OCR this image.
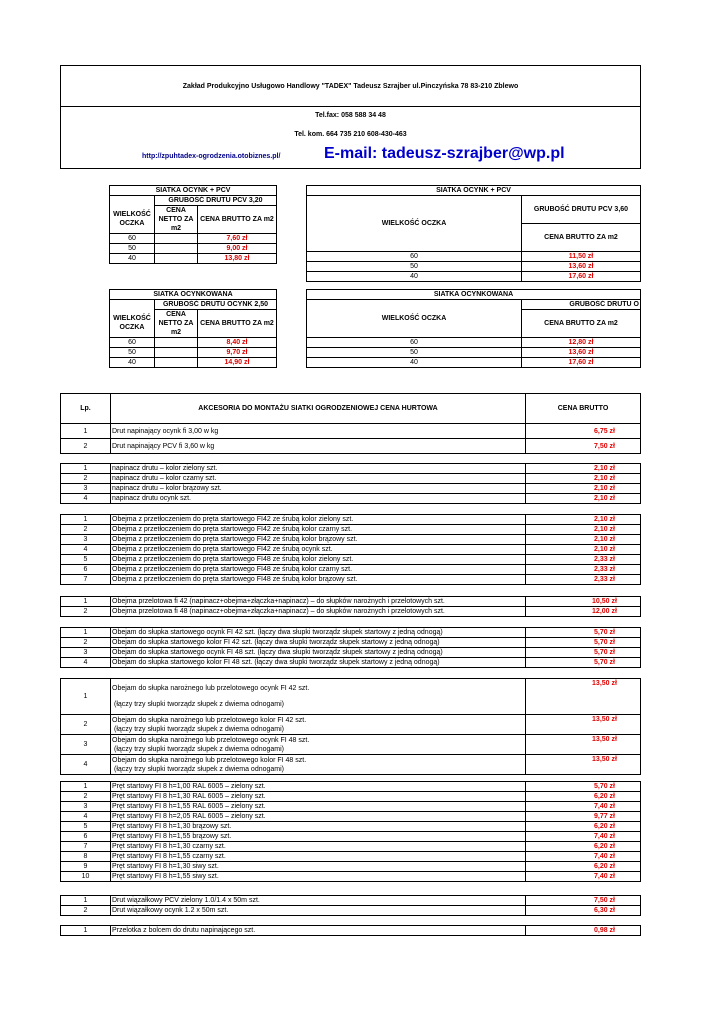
Zakład Produkcyjno Usługowo Handlowy "TADEX" Tadeusz Szrajber ul.Pinczyńska 78 83-210 Zblewo
Tel.fax: 058 588 34 48
Tel. kom. 664 735 210 608-430-463
http://zpuhtadex-ogrodzenia.otobiznes.pl/	E-mail: tadeusz-szrajber@wp.pl
SIATKA OCYNK + PCV		
	GRUBOŚĆ DRUTU PCV 3,20	
WIELKOŚĆ OCZKA	CENA NETTO ZA m2	CENA BRUTTO ZA m2
60		7,60 zł
50		9,00 zł
40		13,80 zł
SIATKA OCYNK + PCV	
WIELKOŚĆ OCZKA	GRUBOŚĆ DRUTU PCV 3,60
	CENA BRUTTO ZA m2
60	11,50 zł
50	13,60 zł
40	17,60 zł
SIATKA OCYNKOWANA		
	GRUBOŚĆ DRUTU OCYNK 2,50	
WIELKOŚĆ OCZKA	CENA NETTO ZA m2	CENA BRUTTO ZA m2
60		8,40 zł
50		9,70 zł
40		14,90 zł
SIATKA OCYNKOWANA	
WIELKOŚĆ OCZKA	GRUBOŚĆ DRUTU O
	CENA BRUTTO ZA m2
60	12,80 zł
50	13,60 zł
40	17,60 zł
Lp.	AKCESORIA DO MONTAŻU SIATKI OGRODZENIOWEJ CENA HURTOWA	CENA BRUTTO
1	Drut napinający ocynk fi 3,00 w kg	6,75 zł
2	Drut napinający PCV fi 3,60 w kg	7,50 zł
1	napinacz drutu – kolor zielony szt.	2,10 zł
2	napinacz drutu – kolor czarny szt.	2,10 zł
3	napinacz drutu – kolor brązowy szt.	2,10 zł
4	napinacz drutu ocynk szt.	2,10 zł
1	Obejma z przetłoczeniem do pręta startowego FI42 ze śrubą kolor zielony szt.	2,10 zł
2	Obejma z przetłoczeniem do pręta startowego FI42 ze śrubą kolor czarny szt.	2,10 zł
3	Obejma z przetłoczeniem do pręta startowego FI42 ze śrubą kolor brązowy szt.	2,10 zł
4	Obejma z przetłoczeniem do pręta startowego FI42 ze śrubą ocynk szt.	2,10 zł
5	Obejma z przetłoczeniem do pręta startowego FI48 ze śrubą kolor zielony szt.	2,33 zł
6	Obejma z przetłoczeniem do pręta startowego FI48 ze śrubą kolor czarny szt.	2,33 zł
7	Obejma z przetłoczeniem do pręta startowego FI48 ze śrubą kolor brązowy szt.	2,33 zł
1	Obejma przelotowa fi 42 (napinacz+obejma+złączka+napinacz) – do słupków narożnych i przelotowych szt.	10,50 zł
2	Obejma przelotowa fi 48 (napinacz+obejma+złączka+napinacz) – do słupków narożnych i przelotowych szt.	12,00 zł
1	Obejam do słupka startowego ocynk FI 42 szt. (łączy dwa słupki tworządz słupek startowy z jedną odnogą)	5,70 zł
2	Obejam do słupka startowego kolor FI 42 szt. (łączy dwa słupki tworządz słupek startowy z jedną odnogą)	5,70 zł
3	Obejam do słupka startowego ocynk FI 48 szt. (łączy dwa słupki tworządz słupek startowy z jedną odnogą)	5,70 zł
4	Obejam do słupka startowego kolor FI 48 szt. (łączy dwa słupki tworządz słupek startowy z jedną odnogą)	5,70 zł
1	Obejam do słupka narożnego lub przelotowego ocynk FI 42 szt.
(łączy trzy słupki tworządz słupek z dwiema odnogami)	13,50 zł
2	Obejam do słupka narożnego lub przelotowego kolor FI 42 szt.
(łączy trzy słupki tworządz słupek z dwiema odnogami)	13,50 zł
3	Obejam do słupka narożnego lub przelotowego ocynk FI 48 szt.
(łączy trzy słupki tworządz słupek z dwiema odnogami)	13,50 zł
4	Obejam do słupka narożnego lub przelotowego kolor FI 48 szt.
(łączy trzy słupki tworządz słupek z dwiema odnogami)	13,50 zł
1	Pręt startowy FI 8 h=1,00 RAL 6005 – zielony szt.	5,70 zł
2	Pręt startowy FI 8 h=1,30 RAL 6005 – zielony szt.	6,20 zł
3	Pręt startowy FI 8 h=1,55 RAL 6005 – zielony szt.	7,40 zł
4	Pręt startowy FI 8 h=2,05 RAL 6005 – zielony szt.	9,77 zł
5	Pręt startowy FI 8 h=1,30 brązowy szt.	6,20 zł
6	Pręt startowy FI 8 h=1,55 brązowy szt.	7,40 zł
7	Pręt startowy FI 8 h=1,30 czarny szt.	6,20 zł
8	Pręt startowy FI 8 h=1,55 czarny szt.	7,40 zł
9	Pręt startowy FI 8 h=1,30 siwy szt.	6,20 zł
10	Pręt startowy FI 8 h=1,55 siwy szt.	7,40 zł
1	Drut wiązałkowy PCV zielony 1.0/1.4 x 50m szt.	7,50 zł
2	Drut wiązałkowy ocynk 1.2 x 50m szt.	6,30 zł
1	Przelotka z bolcem do drutu napinającego szt.	0,98 zł
